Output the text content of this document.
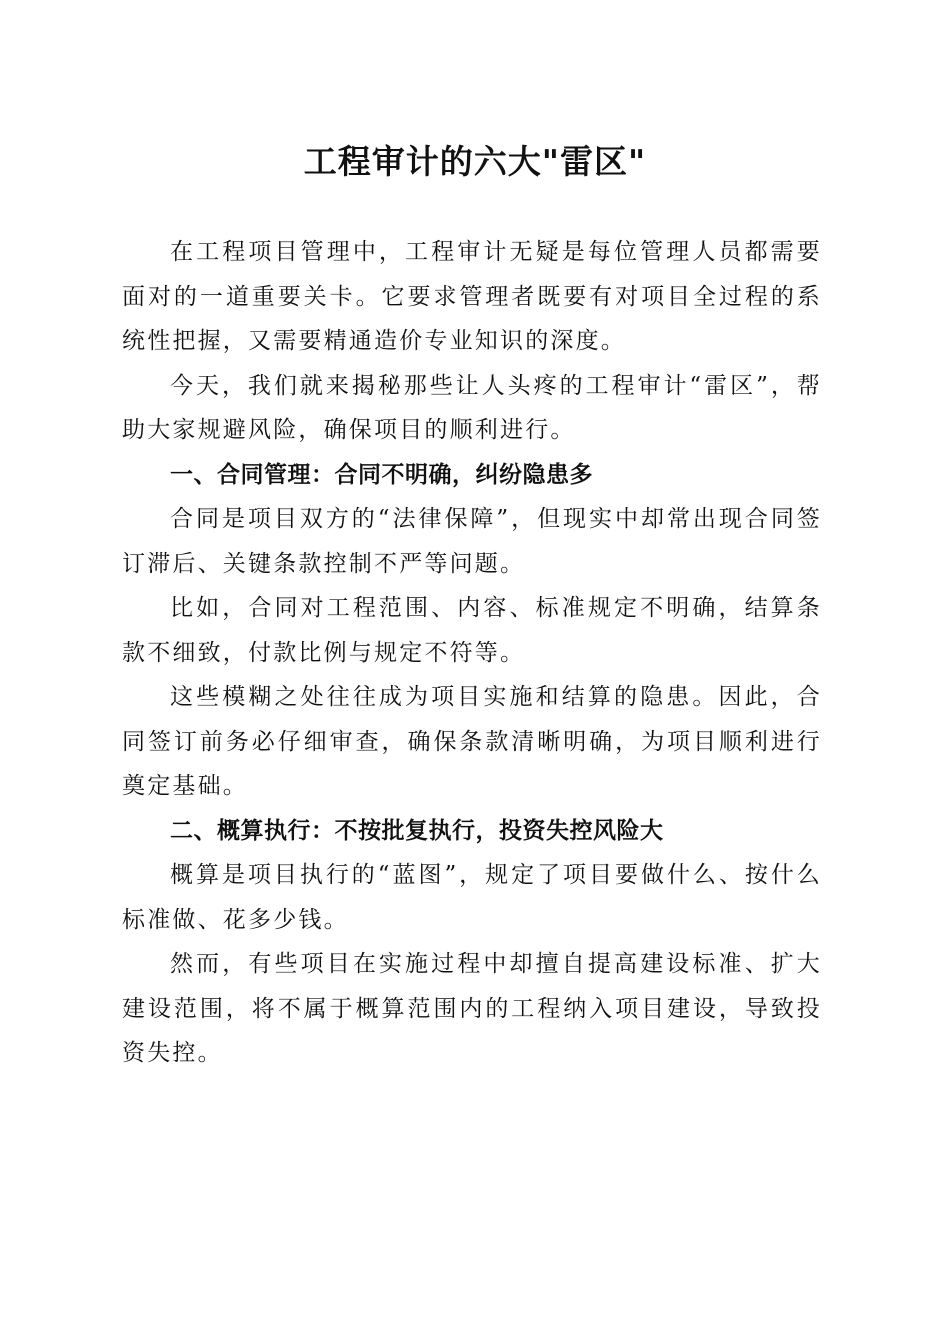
工程审计的六大"雷区"

在工程项目管理中，工程审计无疑是每位管理人员都需要面对的一道重要关卡。它要求管理者既要有对项目全过程的系统性把握，又需要精通造价专业知识的深度。

今天，我们就来揭秘那些让人头疼的工程审计“雷区”，帮助大家规避风险，确保项目的顺利进行。

一、合同管理：合同不明确，纠纷隐患多

合同是项目双方的“法律保障”，但现实中却常出现合同签订滞后、关键条款控制不严等问题。

比如，合同对工程范围、内容、标准规定不明确，结算条款不细致，付款比例与规定不符等。

这些模糊之处往往成为项目实施和结算的隐患。因此，合同签订前务必仔细审查，确保条款清晰明确，为项目顺利进行奠定基础。

二、概算执行：不按批复执行，投资失控风险大

概算是项目执行的“蓝图”，规定了项目要做什么、按什么标准做、花多少钱。

然而，有些项目在实施过程中却擅自提高建设标准、扩大建设范围，将不属于概算范围内的工程纳入项目建设，导致投资失控。
